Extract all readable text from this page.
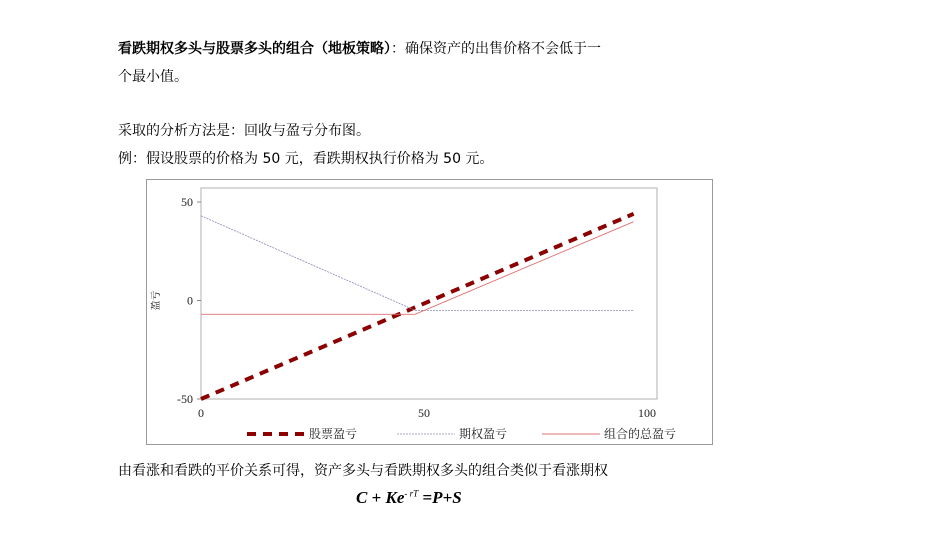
看跌期权多头与股票多头的组合（地板策略）：确保资产的出售价格不会低于一
个最小值。
采取的分析方法是：回收与盈亏分布图。
例：假设股票的价格为 50 元，看跌期权执行价格为 50 元。
50
0
-50
0	50	100
盈亏
股票盈亏	期权盈亏	组合的总盈亏
由看涨和看跌的平价关系可得，资产多头与看跌期权多头的组合类似于看涨期权
$C + Ke^{- rT} =P+S$
